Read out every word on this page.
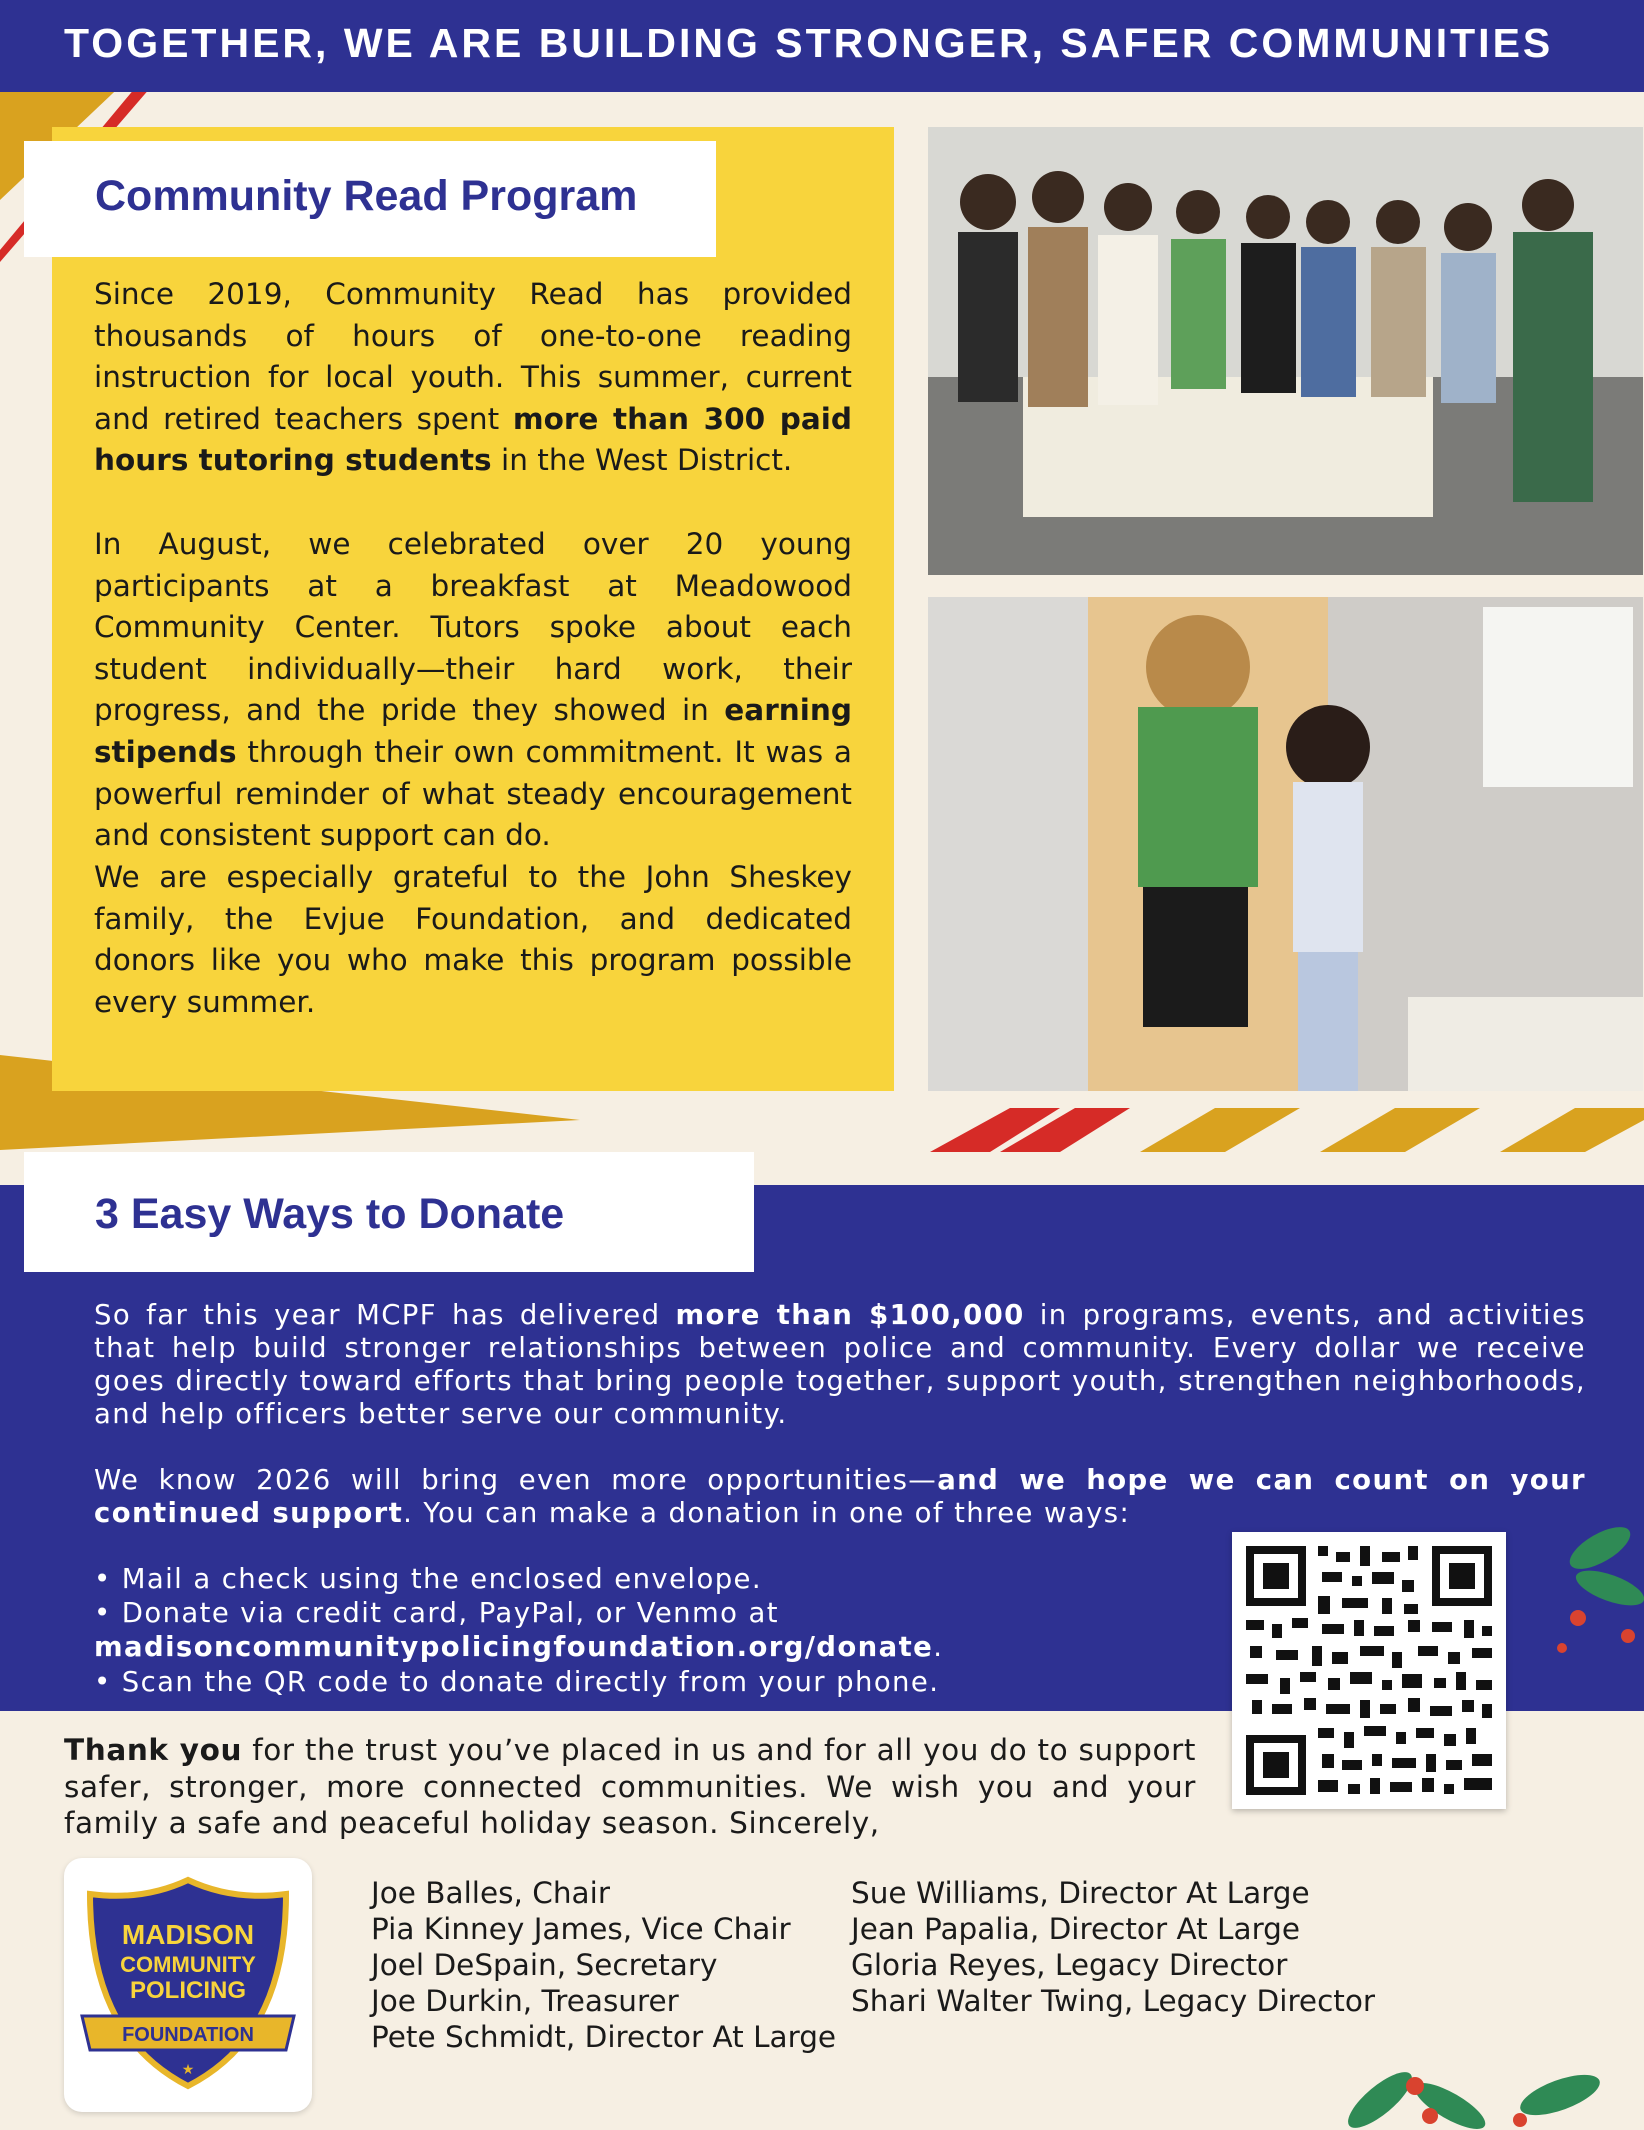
TOGETHER, WE ARE BUILDING STRONGER, SAFER COMMUNITIES
Community Read Program

Since 2019, Community Read has provided thousands of hours of one-to-one reading instruction for local youth. This summer, current and retired teachers spent more than 300 paid hours tutoring students in the West District.

In August, we celebrated over 20 young participants at a breakfast at Meadowood Community Center. Tutors spoke about each student individually—their hard work, their progress, and the pride they showed in earning stipends through their own commitment. It was a powerful reminder of what steady encouragement and consistent support can do.

We are especially grateful to the John Sheskey family, the Evjue Foundation, and dedicated donors like you who make this program possible every summer.

3 Easy Ways to Donate

So far this year MCPF has delivered more than $100,000 in programs, events, and activities that help build stronger relationships between police and community. Every dollar we receive goes directly toward efforts that bring people together, support youth, strengthen neighborhoods, and help officers better serve our community.

We know 2026 will bring even more opportunities—and we hope we can count on your continued support. You can make a donation in one of three ways:

• Mail a check using the enclosed envelope.
• Donate via credit card, PayPal, or Venmo at
madisoncommunitypolicingfoundation.org/donate.
• Scan the QR code to donate directly from your phone.

Thank you for the trust you’ve placed in us and for all you do to support safer, stronger, more connected communities. We wish you and your family a safe and peaceful holiday season. Sincerely,

MADISON
COMMUNITY
POLICING
FOUNDATION
★
Joe Balles, Chair
Pia Kinney James, Vice Chair
Joel DeSpain, Secretary
Joe Durkin, Treasurer
Pete Schmidt, Director At Large
Sue Williams, Director At Large
Jean Papalia, Director At Large
Gloria Reyes, Legacy Director
Shari Walter Twing, Legacy Director
